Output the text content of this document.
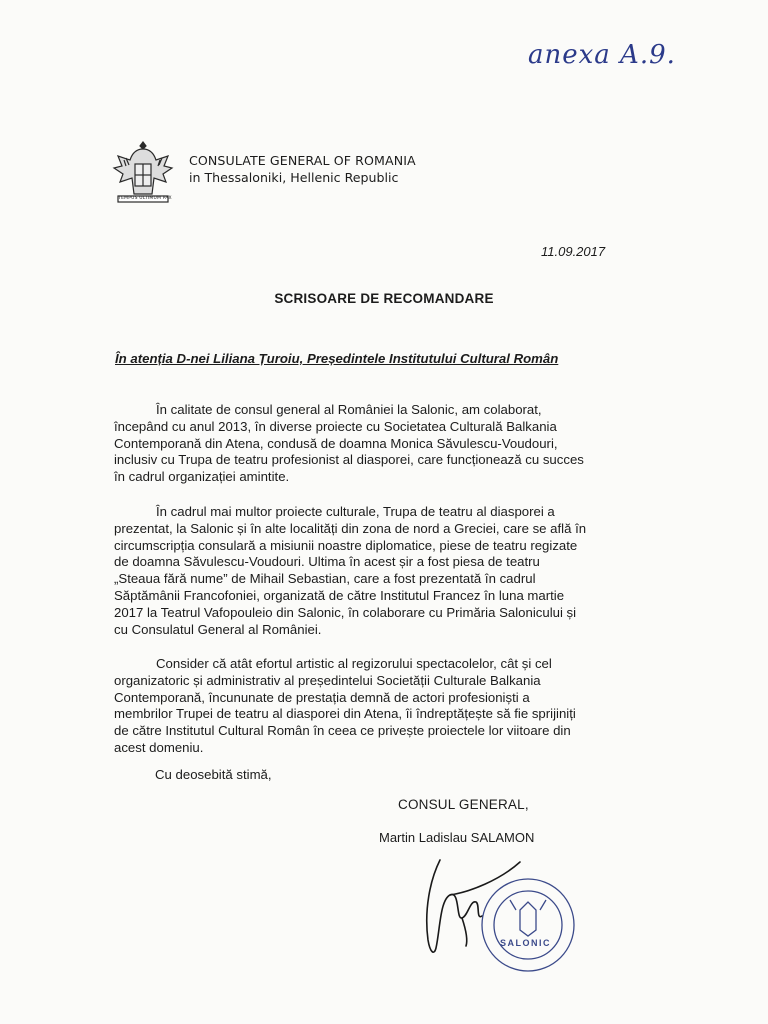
anexa A.9.
TEMPUS ULTIMUM PAX
CONSULATE GENERAL OF ROMANIA
in Thessaloniki, Hellenic Republic
11.09.2017
SCRISOARE DE RECOMANDARE
În atenția D-nei Liliana Țuroiu, Președintele Institutului Cultural Român
În calitate de consul general al României la Salonic, am colaborat,
începând cu anul 2013, în diverse proiecte cu Societatea Culturală Balkania
Contemporană din Atena, condusă de doamna Monica Săvulescu-Voudouri,
inclusiv cu Trupa de teatru profesionist al diasporei, care funcționează cu succes
în cadrul organizației amintite.
În cadrul mai multor proiecte culturale, Trupa de teatru al diasporei a
prezentat, la Salonic și în alte localități din zona de nord a Greciei, care se află în
circumscripția consulară a misiunii noastre diplomatice, piese de teatru regizate
de doamna Săvulescu-Voudouri. Ultima în acest șir a fost piesa de teatru
„Steaua fără nume” de Mihail Sebastian, care a fost prezentată în cadrul
Săptămânii Francofoniei, organizată de către Institutul Francez în luna martie
2017 la Teatrul Vafopouleio din Salonic, în colaborare cu Primăria Salonicului și
cu Consulatul General al României.
Consider că atât efortul artistic al regizorului spectacolelor, cât și cel
organizatoric și administrativ al președintelui Societății Culturale Balkania
Contemporană, încununate de prestația demnă de actori profesioniști a
membrilor Trupei de teatru al diasporei din Atena, îi îndreptățește să fie sprijiniți
de către Institutul Cultural Român în ceea ce privește proiectele lor viitoare din
acest domeniu.
Cu deosebită stimă,
CONSUL GENERAL,
Martin Ladislau SALAMON
SALONIC
